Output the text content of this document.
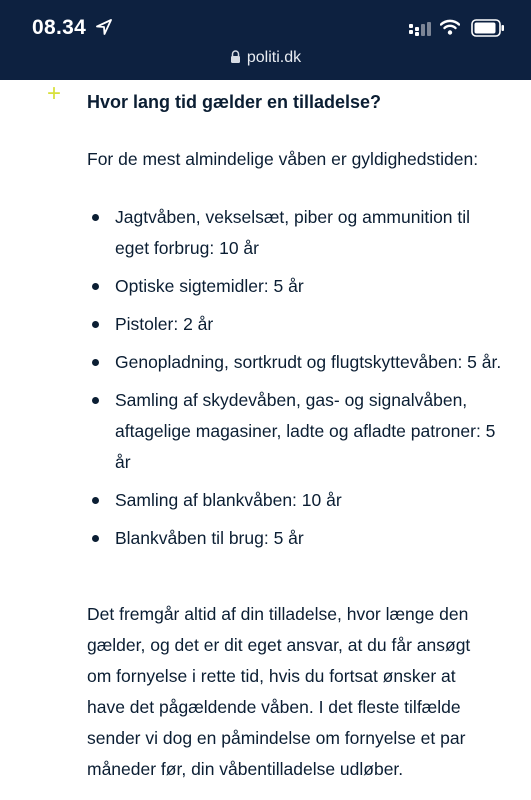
08.34
politi.dk
+ Hvor lang tid gælder en tilladelse?

For de mest almindelige våben er gyldighedstiden:

Jagtvåben, vekselsæt, piber og ammunition til eget forbrug: 10 år
Optiske sigtemidler: 5 år
Pistoler: 2 år
Genopladning, sortkrudt og flugtskyttevåben: 5 år.
Samling af skydevåben, gas- og signalvåben, aftagelige magasiner, ladte og afladte patroner: 5 år
Samling af blankvåben: 10 år
Blankvåben til brug: 5 år

Det fremgår altid af din tilladelse, hvor længe den gælder, og det er dit eget ansvar, at du får ansøgt om fornyelse i rette tid, hvis du fortsat ønsker at have det pågældende våben. I det fleste tilfælde sender vi dog en påmindelse om fornyelse et par måneder før, din våbentilladelse udløber.
